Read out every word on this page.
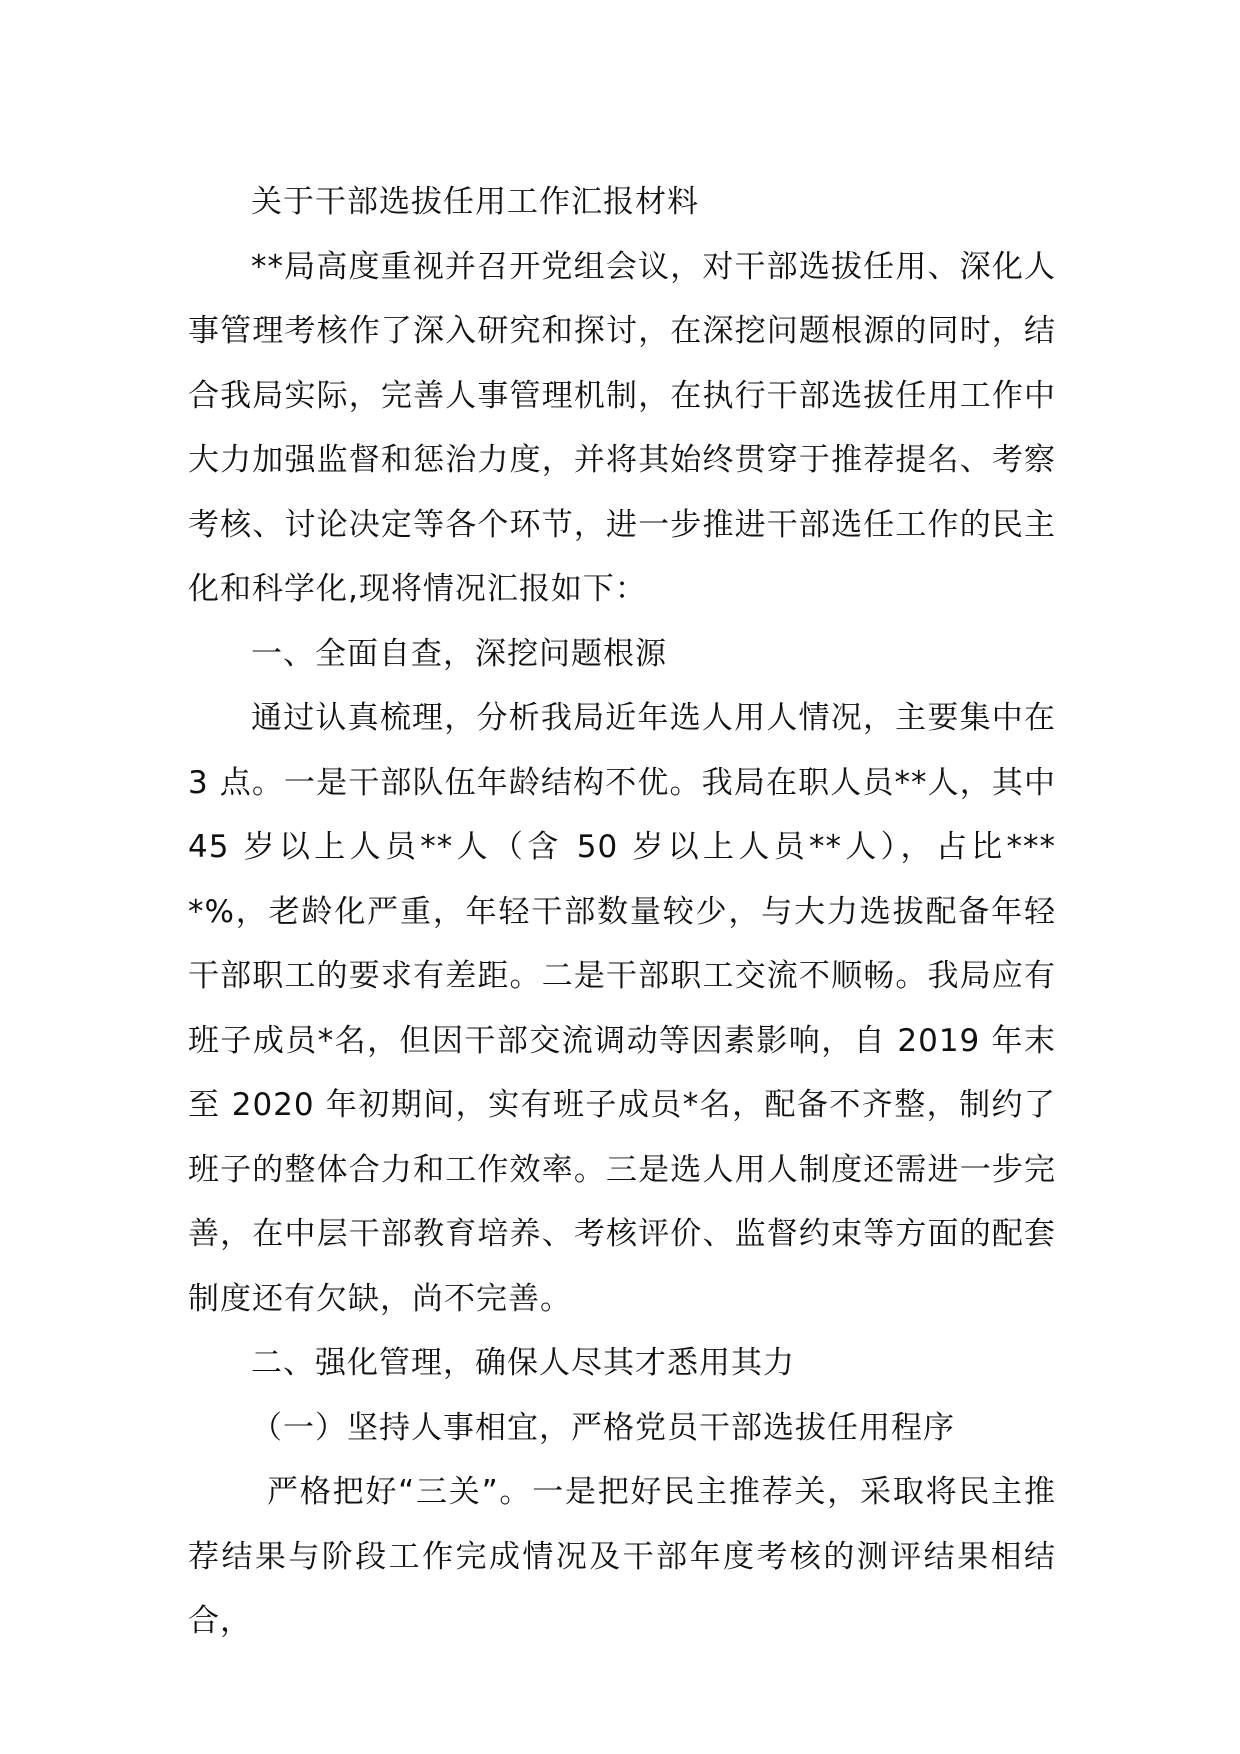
关于干部选拔任用工作汇报材料

**局高度重视并召开党组会议，对干部选拔任用、深化人事管理考核作了深入研究和探讨，在深挖问题根源的同时，结合我局实际，完善人事管理机制，在执行干部选拔任用工作中大力加强监督和惩治力度，并将其始终贯穿于推荐提名、考察考核、讨论决定等各个环节，进一步推进干部选任工作的民主化和科学化,现将情况汇报如下：

一、全面自查，深挖问题根源

通过认真梳理，分析我局近年选人用人情况，主要集中在 3 点。一是干部队伍年龄结构不优。我局在职人员**人，其中 45 岁以上人员**人（含 50 岁以上人员**人），占比****%，老龄化严重，年轻干部数量较少，与大力选拔配备年轻干部职工的要求有差距。二是干部职工交流不顺畅。我局应有班子成员*名，但因干部交流调动等因素影响，自 2019 年末至 2020 年初期间，实有班子成员*名，配备不齐整，制约了班子的整体合力和工作效率。三是选人用人制度还需进一步完善，在中层干部教育培养、考核评价、监督约束等方面的配套制度还有欠缺，尚不完善。

二、强化管理，确保人尽其才悉用其力

（一）坚持人事相宜，严格党员干部选拔任用程序

严格把好“三关”。一是把好民主推荐关，采取将民主推荐结果与阶段工作完成情况及干部年度考核的测评结果相结合，
